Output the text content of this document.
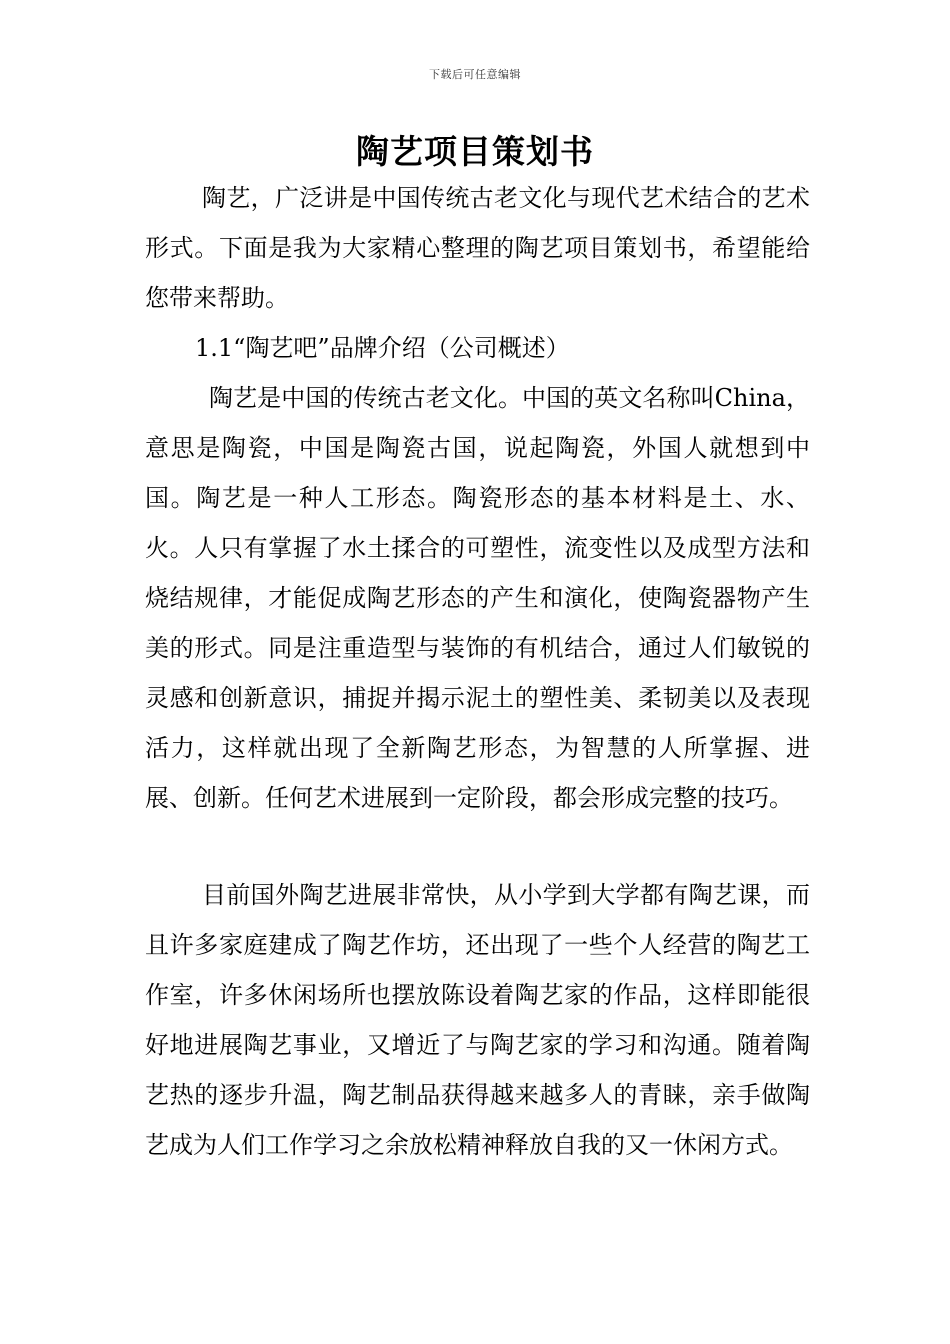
下载后可任意编辑
陶艺项目策划书

陶艺，广泛讲是中国传统古老文化与现代艺术结合的艺术形式。下面是我为大家精心整理的陶艺项目策划书，希望能给您带来帮助。

1.1“陶艺吧”品牌介绍（公司概述）

陶艺是中国的传统古老文化。中国的英文名称叫China，意思是陶瓷，中国是陶瓷古国，说起陶瓷，外国人就想到中国。陶艺是一种人工形态。陶瓷形态的基本材料是土、水、火。人只有掌握了水土揉合的可塑性，流变性以及成型方法和烧结规律，才能促成陶艺形态的产生和演化，使陶瓷器物产生美的形式。同是注重造型与装饰的有机结合，通过人们敏锐的灵感和创新意识，捕捉并揭示泥土的塑性美、柔韧美以及表现活力，这样就出现了全新陶艺形态，为智慧的人所掌握、进展、创新。任何艺术进展到一定阶段，都会形成完整的技巧。

目前国外陶艺进展非常快，从小学到大学都有陶艺课，而且许多家庭建成了陶艺作坊，还出现了一些个人经营的陶艺工作室，许多休闲场所也摆放陈设着陶艺家的作品，这样即能很好地进展陶艺事业，又增近了与陶艺家的学习和沟通。随着陶艺热的逐步升温，陶艺制品获得越来越多人的青睐，亲手做陶艺成为人们工作学习之余放松精神释放自我的又一休闲方式。
